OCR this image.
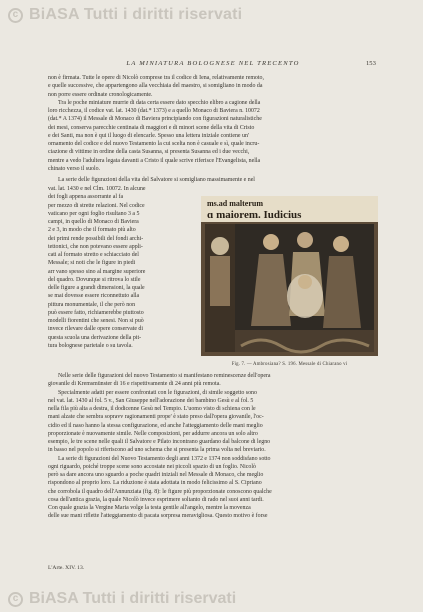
c BiASA Tutti i diritti riservati
LA MINIATURA BOLOGNESE NEL TRECENTO	153

non è firmata. Tutte le opere di Nicolò comprese tra il codice di Iena, relativamente remoto,

e quelle successive, che appartengono alla vecchiaia del maestro, si somigliano in modo da

non porre essere ordinate cronologicamente.

Tra le poche miniature murrie di data certa essere dato specchio elibro a cagione della

loro ricchezza, il codice vat. lat. 1430 (dat.* 1373) e a quello Monaco di Baviera n. 10072

(dat.* A 1374) il Messale di Monaco di Baviera principiando con figurazioni naturalistiche

dei mesi, conserva parecchie centinaia di maggiori e di minori scene della vita di Cristo

e dei Santi, ma non è qui il luogo di elencarle. Spesso una lettera iniziale contiene un'

ornamento del codice e del nuovo Testamento la cui scelta non è casuale e sì, quale incru-

ciazione di vittime in ordine della casta Susanna, si presenta Susanna ed i due vecchi,

mentre a vedo l'adultera legata davanti a Cristo il quale scrive riferisce l'Evangelista, nella

chinato verso il suolo.

La serie delle figurazioni della vita del Salvatore si somigliano massimamente e nel

vat. lat. 1430 e nel Clm. 10072. In alcune

dei fogli appena assorrante al fa

per mezzo di strette relazioni. Nel codice

vaticano per ogni foglio risultano 3 a 5

campi, in quello di Monaco di Baviera

2 e 3, in modo che il formato più alto

dei primi rende possibili del fondi archi-

tettonici, che non potevano essere appli-

cati al formato stretto e schiacciato del

Messale; si noti che le figure in piedi

arr vano spesso sino al margine superiore

del quadro. Dovunque si ritrova lo stile

delle figure a grandi dimensioni, la quale

se mai dovesse essere riconnettuto alla

pittura monumentale, il che però non

può essere fatto, richiamerebbe piuttosto

modelli fiorentini che senesi. Non si può

invece rilevare dalle opere conservate di

questa scuola una derivazione della pit-

tura bolognese parietale o su tavola.

ms.ad malterum
ɑ maiorem. Iudicius
Fig. 7. — Ambrosiana? S. 196. Messale di Chiarano vi

Nelle serie delle figurazioni del nuovo Testamento si manifestano reminescenze dell'opera

giovanile di Kremsmünster di 16 e rispettivamente di 24 anni più remota.

Specialmente adatti per essere confrontati con le figurazioni, di simile soggetto sono

nel vat. lat. 1430 al fol. 5 v., San Giuseppe nell'adorazione dei bambino Gesù e al fol. 5

nella fila più alta a destra, il dodicenne Gesù nel Tempio. L'uomo visto di schiena con le

mani alzate che sembra sopravv ragionamenti prope' è stato preso dall'opera giovanile, l'oc-

cidio ed il naso hanno la stessa configurazione, ed anche l'atteggiamento delle mani meglio

proporzionate è nuovamente simile. Nelle composizioni, per addurre ancora un solo altro

esempio, le tre scene nelle quali il Salvatore e Pilato incontrano guardano dal balcone di legno

in basso nel popolo si riferiscono ad uno schema che si presenta la prima volta nel breviario.

La serie di figurazioni del Nuovo Testamento degli anni 1372 e 1374 non soddisfano sotto

ogni riguardo, poiché troppe scene sono accostate nei piccoli spazio di un foglio. Nicolò

però sa dare ancora uno sguardo a poche quadri iniziali nel Messale di Monaco, che meglio

rispondono al proprio loro. La riduzione è stata adottata in modo felicissimo al S. Cipriano

che corrobola il quadro dell'Annunziata (fig. 8): le figure più proporzionate conoscono qualche

cosa dell'antica grazia, la quale Nicolò invece esprimere soltanto di rado nel suoi anni tardi.

Con quale grazia la Vergine Maria volge la testa gentile all'angelo, mentre la movenza

delle sue mani riflette l'atteggiamento di pacata sorpresa meravigliosa. Questo motivo è forse

L'Arte. XIV. 13.
c BiASA Tutti i diritti riservati
